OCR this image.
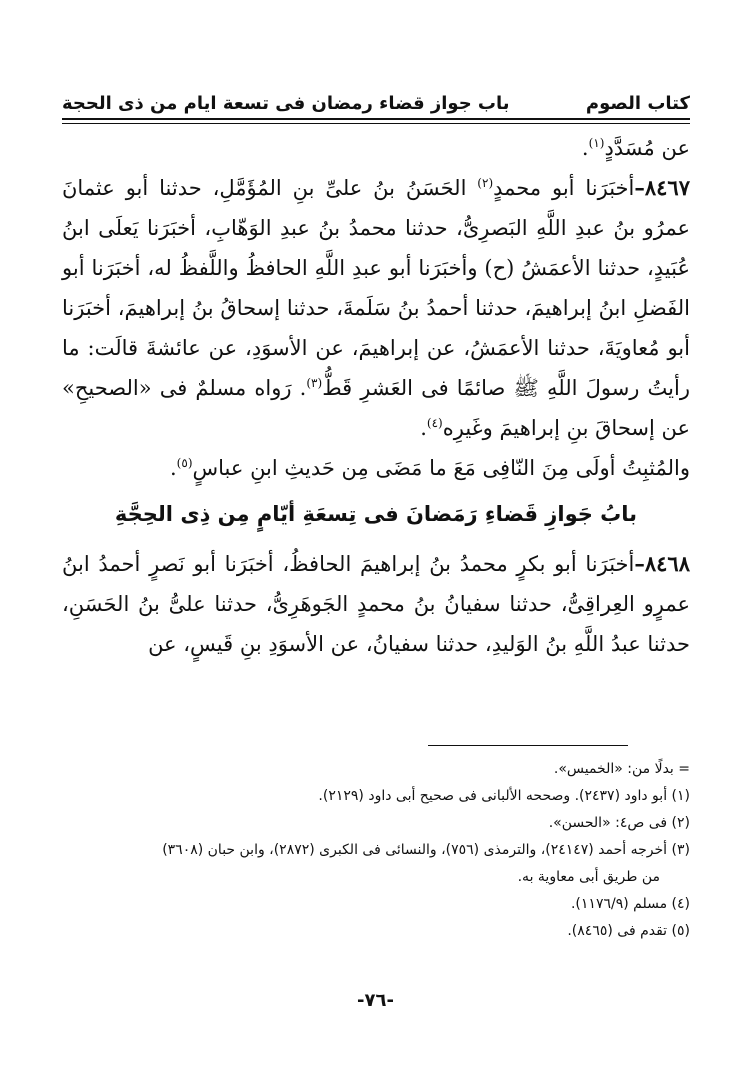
كتاب الصوم
باب جواز قضاء رمضان فى تسعة ايام من ذى الحجة

عن مُسَدَّدٍ$^{(١)}$.

٨٤٦٧–أخبَرَنا أبو محمدٍ$^{(٢)}$ الحَسَنُ بنُ علىِّ بنِ المُؤَمَّلِ، حدثنا أبو عثمانَ عمرُو بنُ عبدِ اللَّهِ البَصرِىُّ، حدثنا محمدُ بنُ عبدِ الوَهّابِ، أخبَرَنا يَعلَى ابنُ عُبَيدٍ، حدثنا الأعمَشُ (ح) وأخبَرَنا أبو عبدِ اللَّهِ الحافظُ واللَّفظُ له، أخبَرَنا أبو الفَضلِ ابنُ إبراهيمَ، حدثنا أحمدُ بنُ سَلَمةَ، حدثنا إسحاقُ بنُ إبراهيمَ، أخبَرَنا أبو مُعاويَةَ، حدثنا الأعمَشُ، عن إبراهيمَ، عن الأسوَدِ، عن عائشةَ قالَت: ما رأيتُ رسولَ اللَّهِ ﷺ صائمًا فى العَشرِ قَطُّ$^{(٣)}$. رَواه مسلمٌ فى «الصحيحِ» عن إسحاقَ بنِ إبراهيمَ وغَيرِه$^{(٤)}$.

والمُثبِتُ أولَى مِنَ النّافِى مَعَ ما مَضَى مِن حَديثِ ابنِ عباسٍ$^{(٥)}$.

بابُ جَوازِ قَضاءِ رَمَضانَ فى تِسعَةِ أيّامٍ مِن ذِى الحِجَّةِ

٨٤٦٨–أخبَرَنا أبو بكرٍ محمدُ بنُ إبراهيمَ الحافظُ، أخبَرَنا أبو نَصرٍ أحمدُ ابنُ عمرٍو العِراقِىُّ، حدثنا سفيانُ بنُ محمدٍ الجَوهَرِىُّ، حدثنا علىُّ بنُ الحَسَنِ، حدثنا عبدُ اللَّهِ بنُ الوَليدِ، حدثنا سفيانُ، عن الأسوَدِ بنِ قَيسٍ، عن

= بدلًا من: «الخميس».

(١) أبو داود (٢٤٣٧). وصححه الألبانى فى صحيح أبى داود (٢١٢٩).

(٢) فى ص٤: «الحسن».

(٣) أخرجه أحمد (٢٤١٤٧)، والترمذى (٧٥٦)، والنسائى فى الكبرى (٢٨٧٢)، وابن حبان (٣٦٠٨)

من طريق أبى معاوية به.

(٤) مسلم (١١٧٦/٩).

(٥) تقدم فى (٨٤٦٥).

-٧٦-
